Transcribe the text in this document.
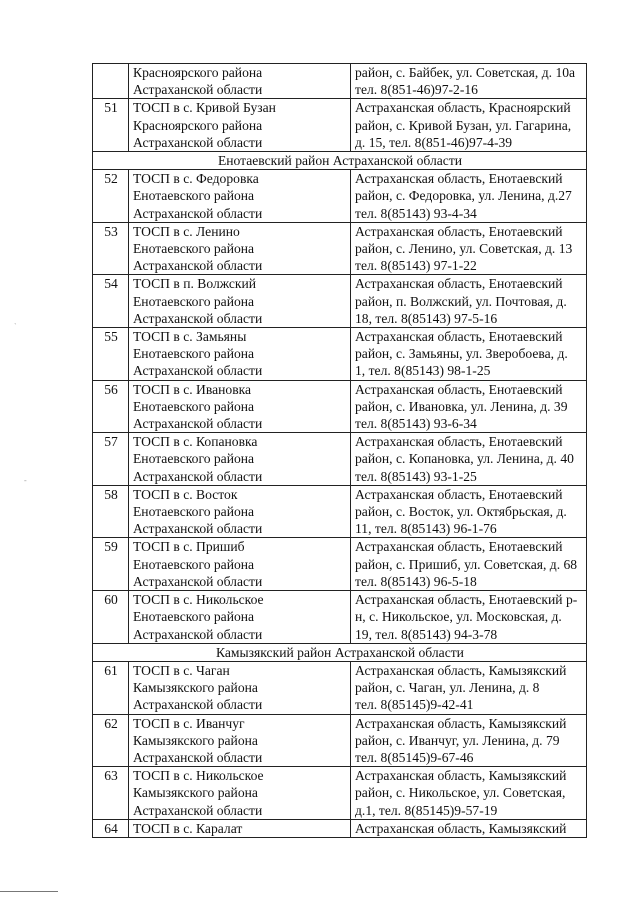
	Красноярского района
Астраханской области	район, с. Байбек, ул. Советская, д. 10а
тел. 8(851-46)97-2-16

51	ТОСП в с. Кривой Бузан
Красноярского района
Астраханской области	Астраханская область, Красноярский
район, с. Кривой Бузан, ул. Гагарина,
д. 15, тел. 8(851-46)97-4-39

Енотаевский район Астраханской области		
52	ТОСП в с. Федоровка
Енотаевского района
Астраханской области	Астраханская область, Енотаевский
район, с. Федоровка, ул. Ленина, д.27
тел. 8(85143) 93-4-34

53	ТОСП в с. Ленино
Енотаевского района
Астраханской области	Астраханская область, Енотаевский
район, с. Ленино, ул. Советская, д. 13
тел. 8(85143) 97-1-22

54	ТОСП в п. Волжский
Енотаевского района
Астраханской области	Астраханская область, Енотаевский
район, п. Волжский, ул. Почтовая, д.
18, тел. 8(85143) 97-5-16

55	ТОСП в с. Замьяны
Енотаевского района
Астраханской области	Астраханская область, Енотаевский
район, с. Замьяны, ул. Зверобоева, д.
1, тел. 8(85143) 98-1-25

56	ТОСП в с. Ивановка
Енотаевского района
Астраханской области	Астраханская область, Енотаевский
район, с. Ивановка, ул. Ленина, д. 39
тел. 8(85143) 93-6-34

57	ТОСП в с. Копановка
Енотаевского района
Астраханской области	Астраханская область, Енотаевский
район, с. Копановка, ул. Ленина, д. 40
тел. 8(85143) 93-1-25

58	ТОСП в с. Восток
Енотаевского района
Астраханской области	Астраханская область, Енотаевский
район, с. Восток, ул. Октябрьская, д.
11, тел. 8(85143) 96-1-76

59	ТОСП в с. Пришиб
Енотаевского района
Астраханской области	Астраханская область, Енотаевский
район, с. Пришиб, ул. Советская, д. 68
тел. 8(85143) 96-5-18

60	ТОСП в с. Никольское
Енотаевского района
Астраханской области	Астраханская область, Енотаевский р-
н, с. Никольское, ул. Московская, д.
19, тел. 8(85143) 94-3-78

Камызякский район Астраханской области		
61	ТОСП в с. Чаган
Камызякского района
Астраханской области	Астраханская область, Камызякский
район, с. Чаган, ул. Ленина, д. 8
тел. 8(85145)9-42-41

62	ТОСП в с. Иванчуг
Камызякского района
Астраханской области	Астраханская область, Камызякский
район, с. Иванчуг, ул. Ленина, д. 79
тел. 8(85145)9-67-46

63	ТОСП в с. Никольское
Камызякского района
Астраханской области	Астраханская область, Камызякский
район, с. Никольское, ул. Советская,
д.1, тел. 8(85145)9-57-19

64	ТОСП в с. Каралат	Астраханская область, Камызякский
ˋ
-
